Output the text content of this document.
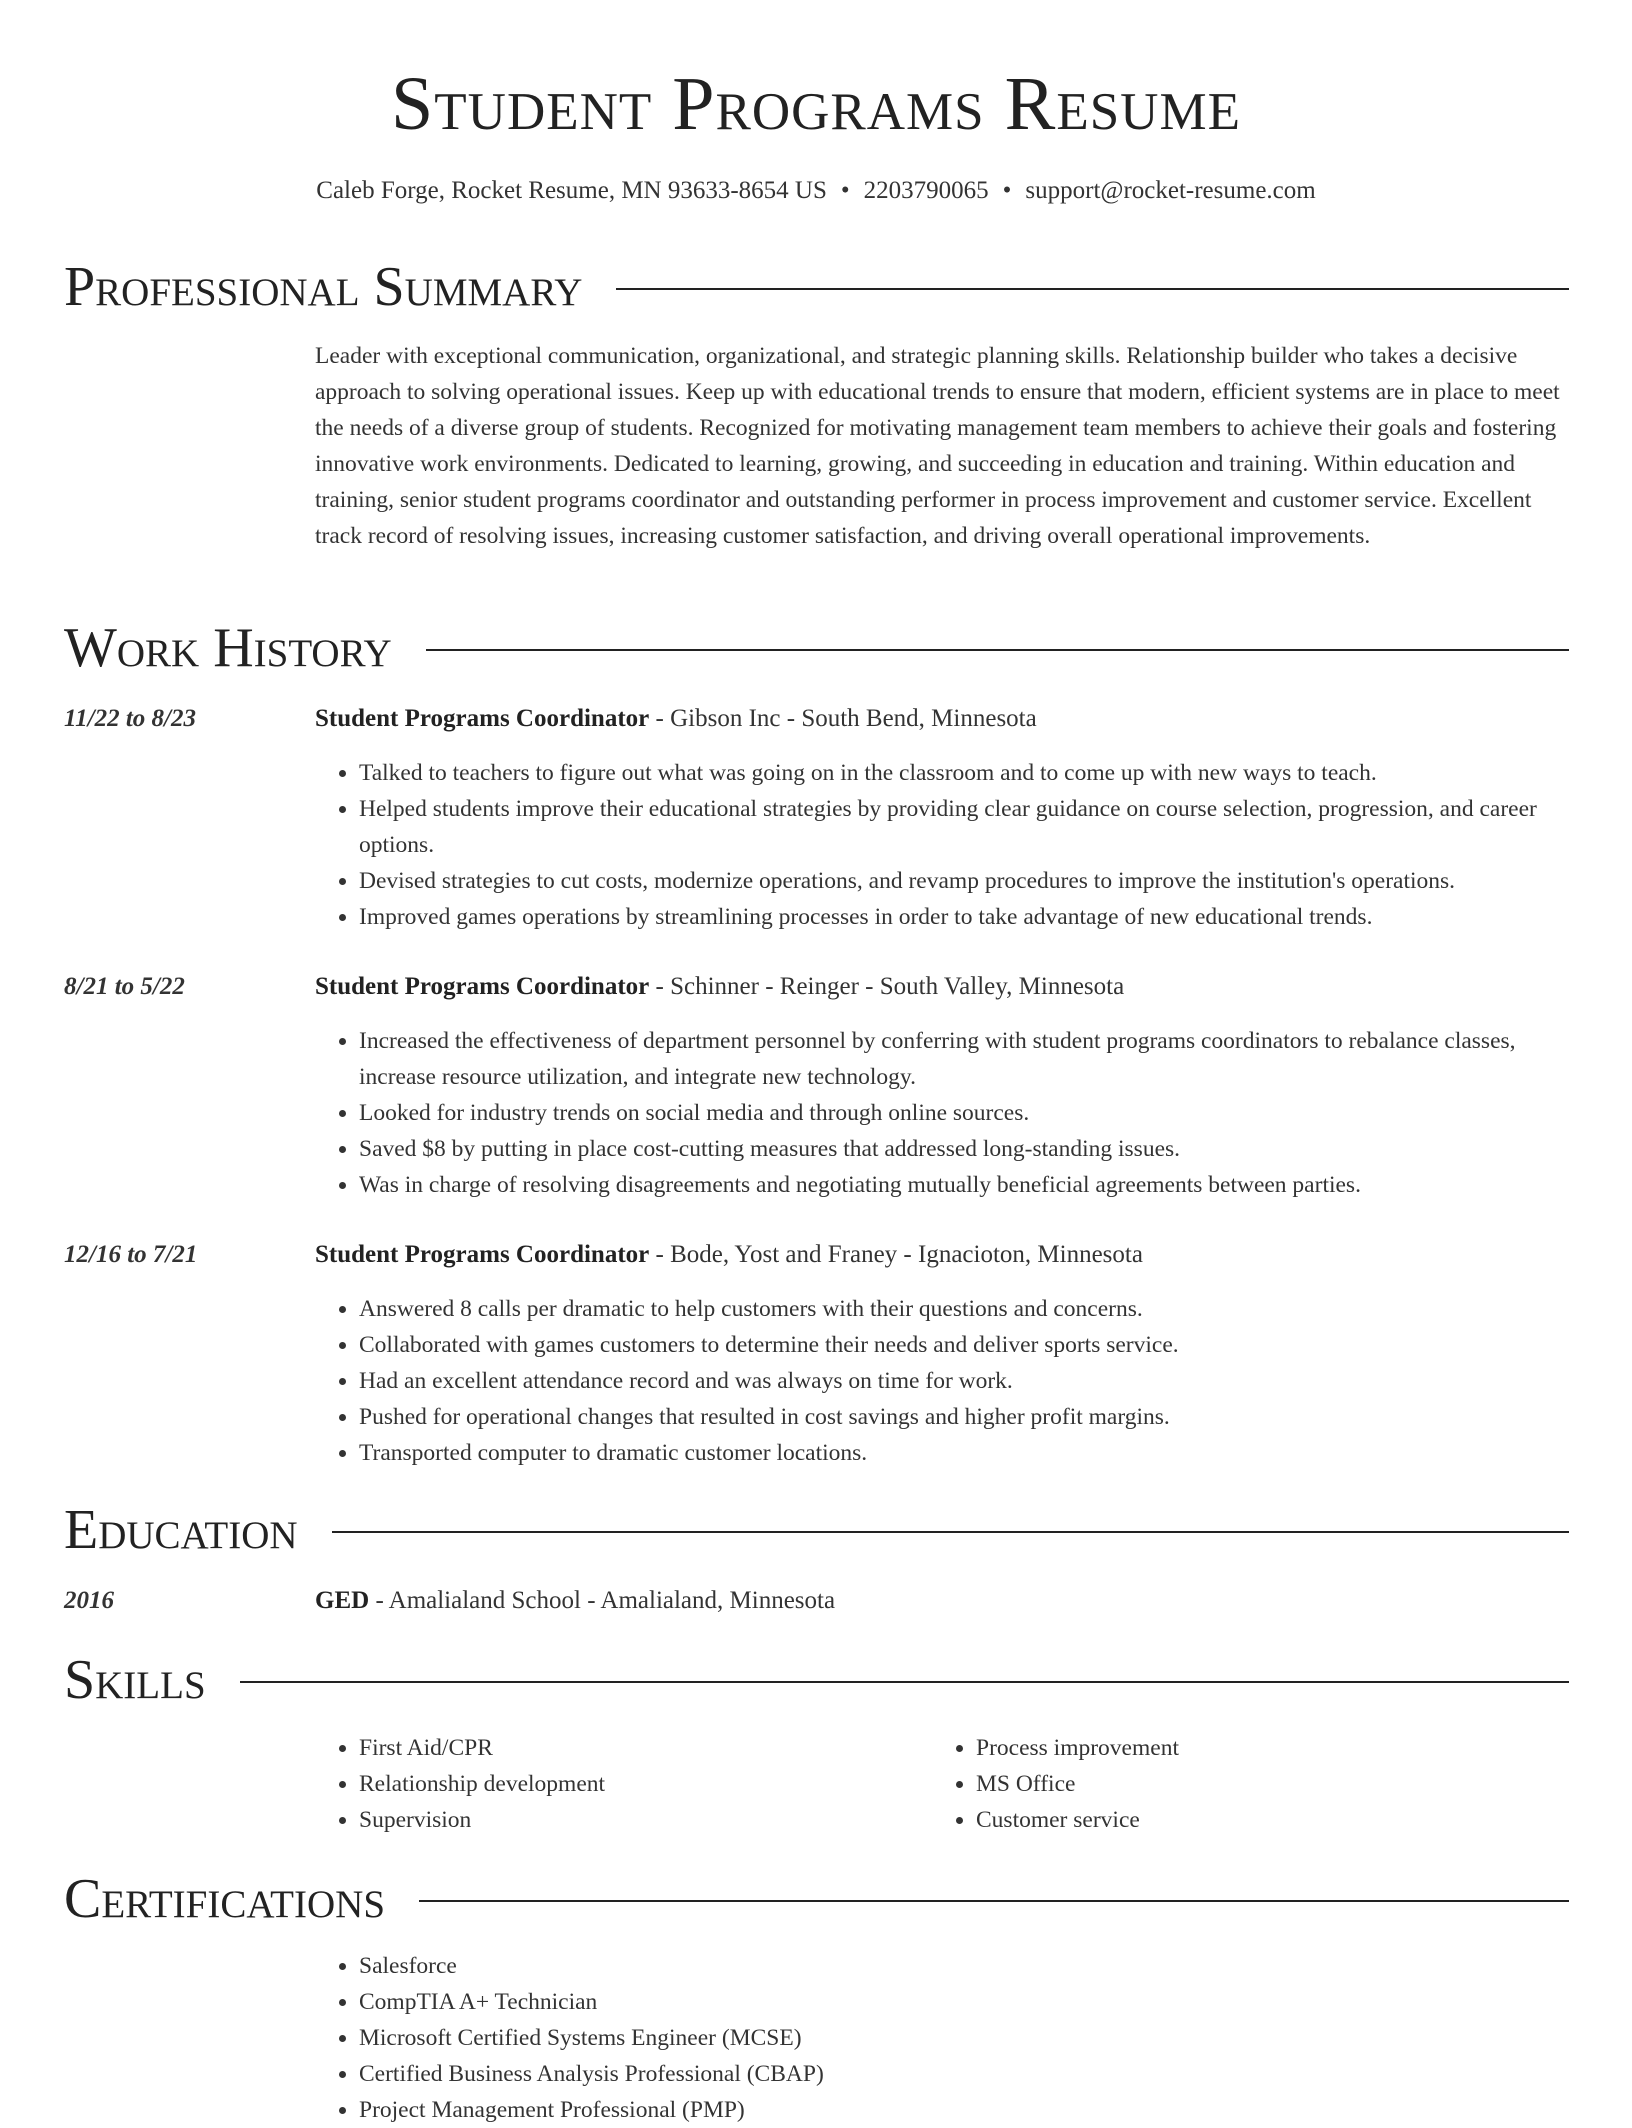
Student Programs Resume
Caleb Forge, Rocket Resume, MN 93633-8654 US • 2203790065 • support@rocket-resume.com
Professional Summary

Leader with exceptional communication, organizational, and strategic planning skills. Relationship builder who takes a decisive approach to solving operational issues. Keep up with educational trends to ensure that modern, efficient systems are in place to meet the needs of a diverse group of students. Recognized for motivating management team members to achieve their goals and fostering innovative work environments. Dedicated to learning, growing, and succeeding in education and training. Within education and training, senior student programs coordinator and outstanding performer in process improvement and customer service. Excellent track record of resolving issues, increasing customer satisfaction, and driving overall operational improvements.

Work History
11/22 to 8/23	Student Programs Coordinator - Gibson Inc - South Bend, Minnesota
• Talked to teachers to figure out what was going on in the classroom and to come up with new ways to teach.
• Helped students improve their educational strategies by providing clear guidance on course selection, progression, and career options.
• Devised strategies to cut costs, modernize operations, and revamp procedures to improve the institution's operations.
• Improved games operations by streamlining processes in order to take advantage of new educational trends.
8/21 to 5/22	Student Programs Coordinator - Schinner - Reinger - South Valley, Minnesota
• Increased the effectiveness of department personnel by conferring with student programs coordinators to rebalance classes, increase resource utilization, and integrate new technology.
• Looked for industry trends on social media and through online sources.
• Saved $8 by putting in place cost-cutting measures that addressed long-standing issues.
• Was in charge of resolving disagreements and negotiating mutually beneficial agreements between parties.
12/16 to 7/21	Student Programs Coordinator - Bode, Yost and Franey - Ignacioton, Minnesota
• Answered 8 calls per dramatic to help customers with their questions and concerns.
• Collaborated with games customers to determine their needs and deliver sports service.
• Had an excellent attendance record and was always on time for work.
• Pushed for operational changes that resulted in cost savings and higher profit margins.
• Transported computer to dramatic customer locations.
Education
2016	GED - Amalialand School - Amalialand, Minnesota
Skills
• First Aid/CPR
• Relationship development
• Supervision
• Process improvement
• MS Office
• Customer service
Certifications
• Salesforce
• CompTIA A+ Technician
• Microsoft Certified Systems Engineer (MCSE)
• Certified Business Analysis Professional (CBAP)
• Project Management Professional (PMP)
